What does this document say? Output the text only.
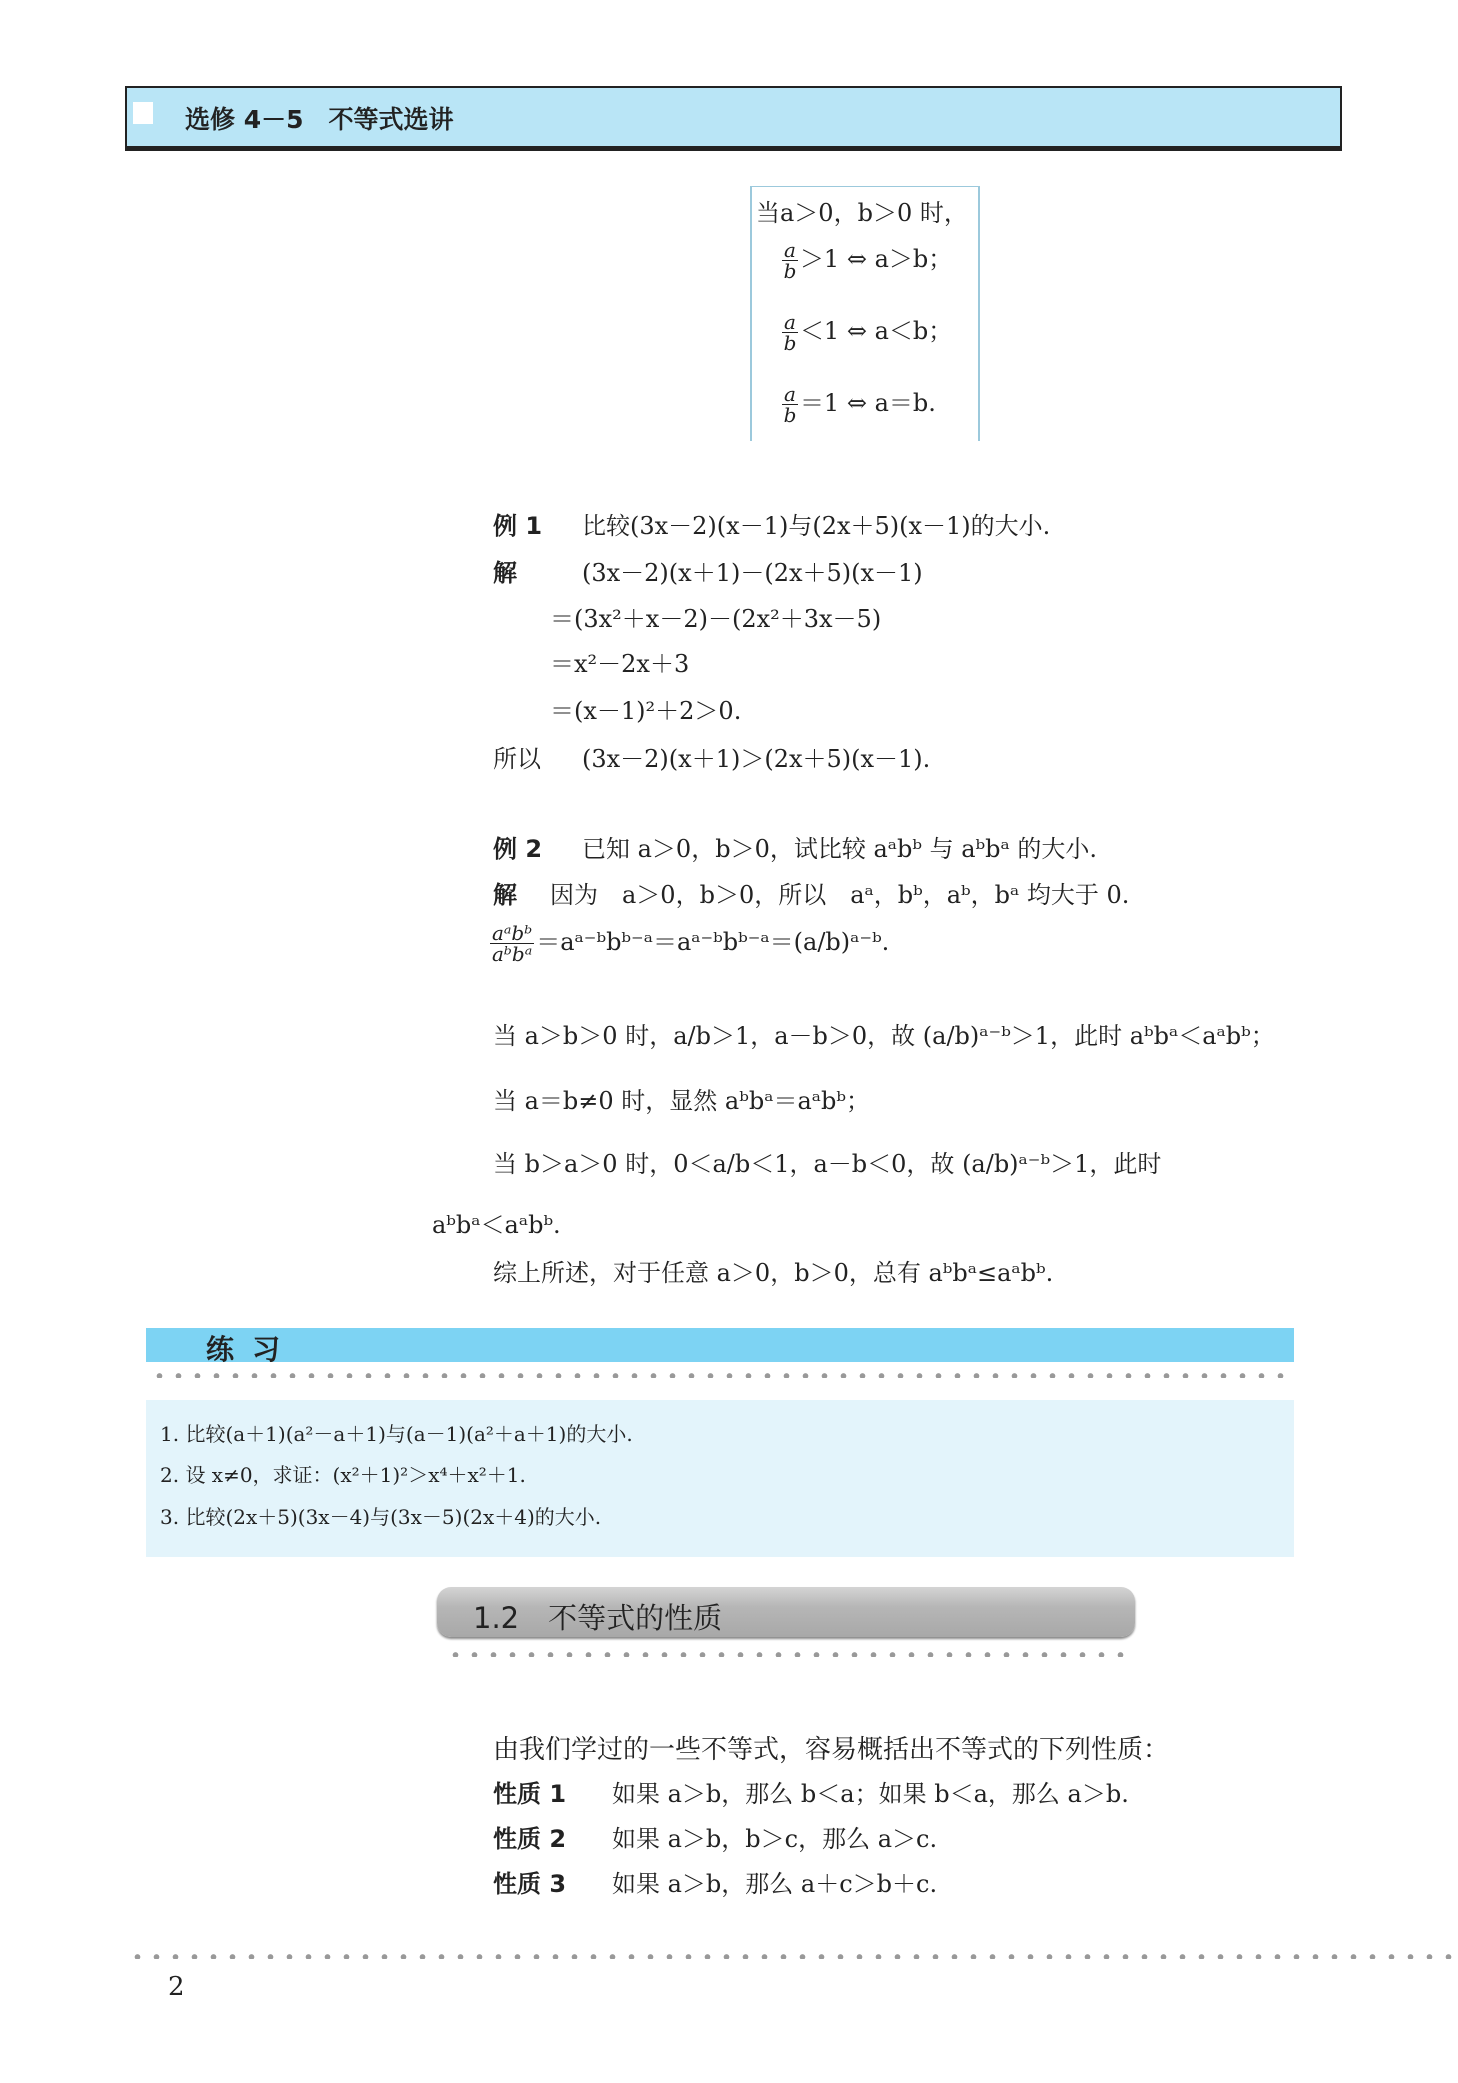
选修 4－5　不等式选讲
当a＞0，b＞0 时，
$\frac{a}{b} >1$ ⇔ a＞b；
$\frac{a}{b} <1$ ⇔ a＜b；
$\frac{a}{b} =1$ ⇔ a＝b.
例 1 比较(3x－2)(x－1)与(2x＋5)(x－1)的大小.
解	(3x－2)(x＋1)－(2x＋5)(x－1)
＝(3x²＋x－2)－(2x²＋3x－5)
＝x²－2x＋3
＝(x－1)²＋2＞0.
所以 (3x－2)(x＋1)＞(2x＋5)(x－1).
例 2 已知 a＞0，b＞0，试比较 aᵃbᵇ 与 aᵇbᵃ 的大小.
解 因为　a＞0，b＞0，所以　aᵃ，bᵇ，aᵇ，bᵃ 均大于 0.
$\frac{\text{aᵃbᵇ}}{\text{aᵇbᵃ}}$ ＝aᵃ⁻ᵇbᵇ⁻ᵃ＝aᵃ⁻ᵇbᵇ⁻ᵃ＝(a/b)ᵃ⁻ᵇ.
当 a＞b＞0 时，a/b＞1，a－b＞0，故 (a/b)ᵃ⁻ᵇ＞1，此时 aᵇbᵃ＜aᵃbᵇ；
当 a＝b≠0 时，显然 aᵇbᵃ＝aᵃbᵇ；
当 b＞a＞0 时，0＜a/b＜1，a－b＜0，故 (a/b)ᵃ⁻ᵇ＞1，此时
aᵇbᵃ＜aᵃbᵇ.
综上所述，对于任意 a＞0，b＞0，总有 aᵇbᵃ≤aᵃbᵇ.
练习
1. 比较(a＋1)(a²－a＋1)与(a－1)(a²＋a＋1)的大小.
2. 设 x≠0，求证：(x²＋1)²＞x⁴＋x²＋1.
3. 比较(2x＋5)(3x－4)与(3x－5)(2x＋4)的大小.
1.2　不等式的性质
由我们学过的一些不等式，容易概括出不等式的下列性质：
性质 1 如果 a＞b，那么 b＜a；如果 b＜a，那么 a＞b.
性质 2 如果 a＞b，b＞c，那么 a＞c.
性质 3 如果 a＞b，那么 a＋c＞b＋c.
2
